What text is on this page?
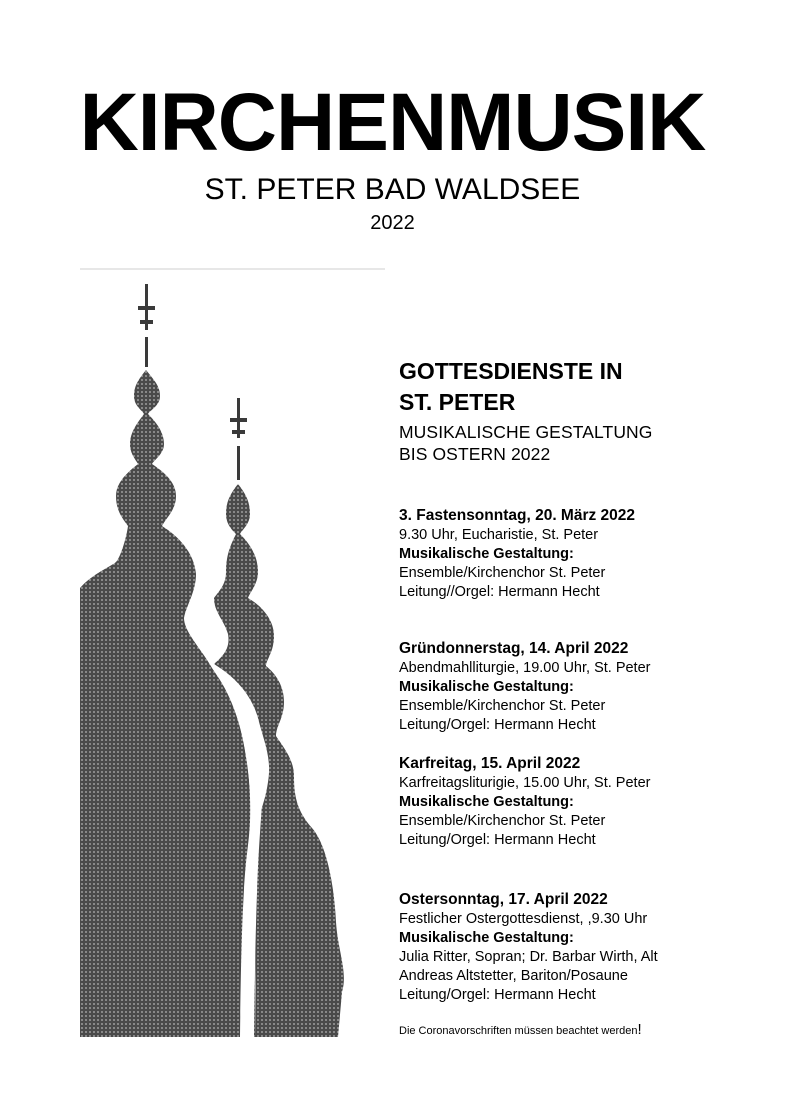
KIRCHENMUSIK

ST. PETER BAD WALDSEE

2022

GOTTESDIENSTE IN

ST. PETER

MUSIKALISCHE GESTALTUNG

BIS OSTERN 2022

3. Fastensonntag, 20. März 2022

9.30 Uhr, Eucharistie, St. Peter

Musikalische Gestaltung:

Ensemble/Kirchenchor St. Peter

Leitung//Orgel: Hermann Hecht

Gründonnerstag, 14. April 2022

Abendmahlliturgie, 19.00 Uhr, St. Peter

Musikalische Gestaltung:

Ensemble/Kirchenchor St. Peter

Leitung/Orgel: Hermann Hecht

Karfreitag, 15. April 2022

Karfreitagsliturigie, 15.00 Uhr, St. Peter

Musikalische Gestaltung:

Ensemble/Kirchenchor St. Peter

Leitung/Orgel: Hermann Hecht

Ostersonntag, 17. April 2022

Festlicher Ostergottesdienst, ,9.30 Uhr

Musikalische Gestaltung:

Julia Ritter, Sopran; Dr. Barbar Wirth, Alt

Andreas Altstetter, Bariton/Posaune

Leitung/Orgel: Hermann Hecht

Die Coronavorschriften müssen beachtet werden!
